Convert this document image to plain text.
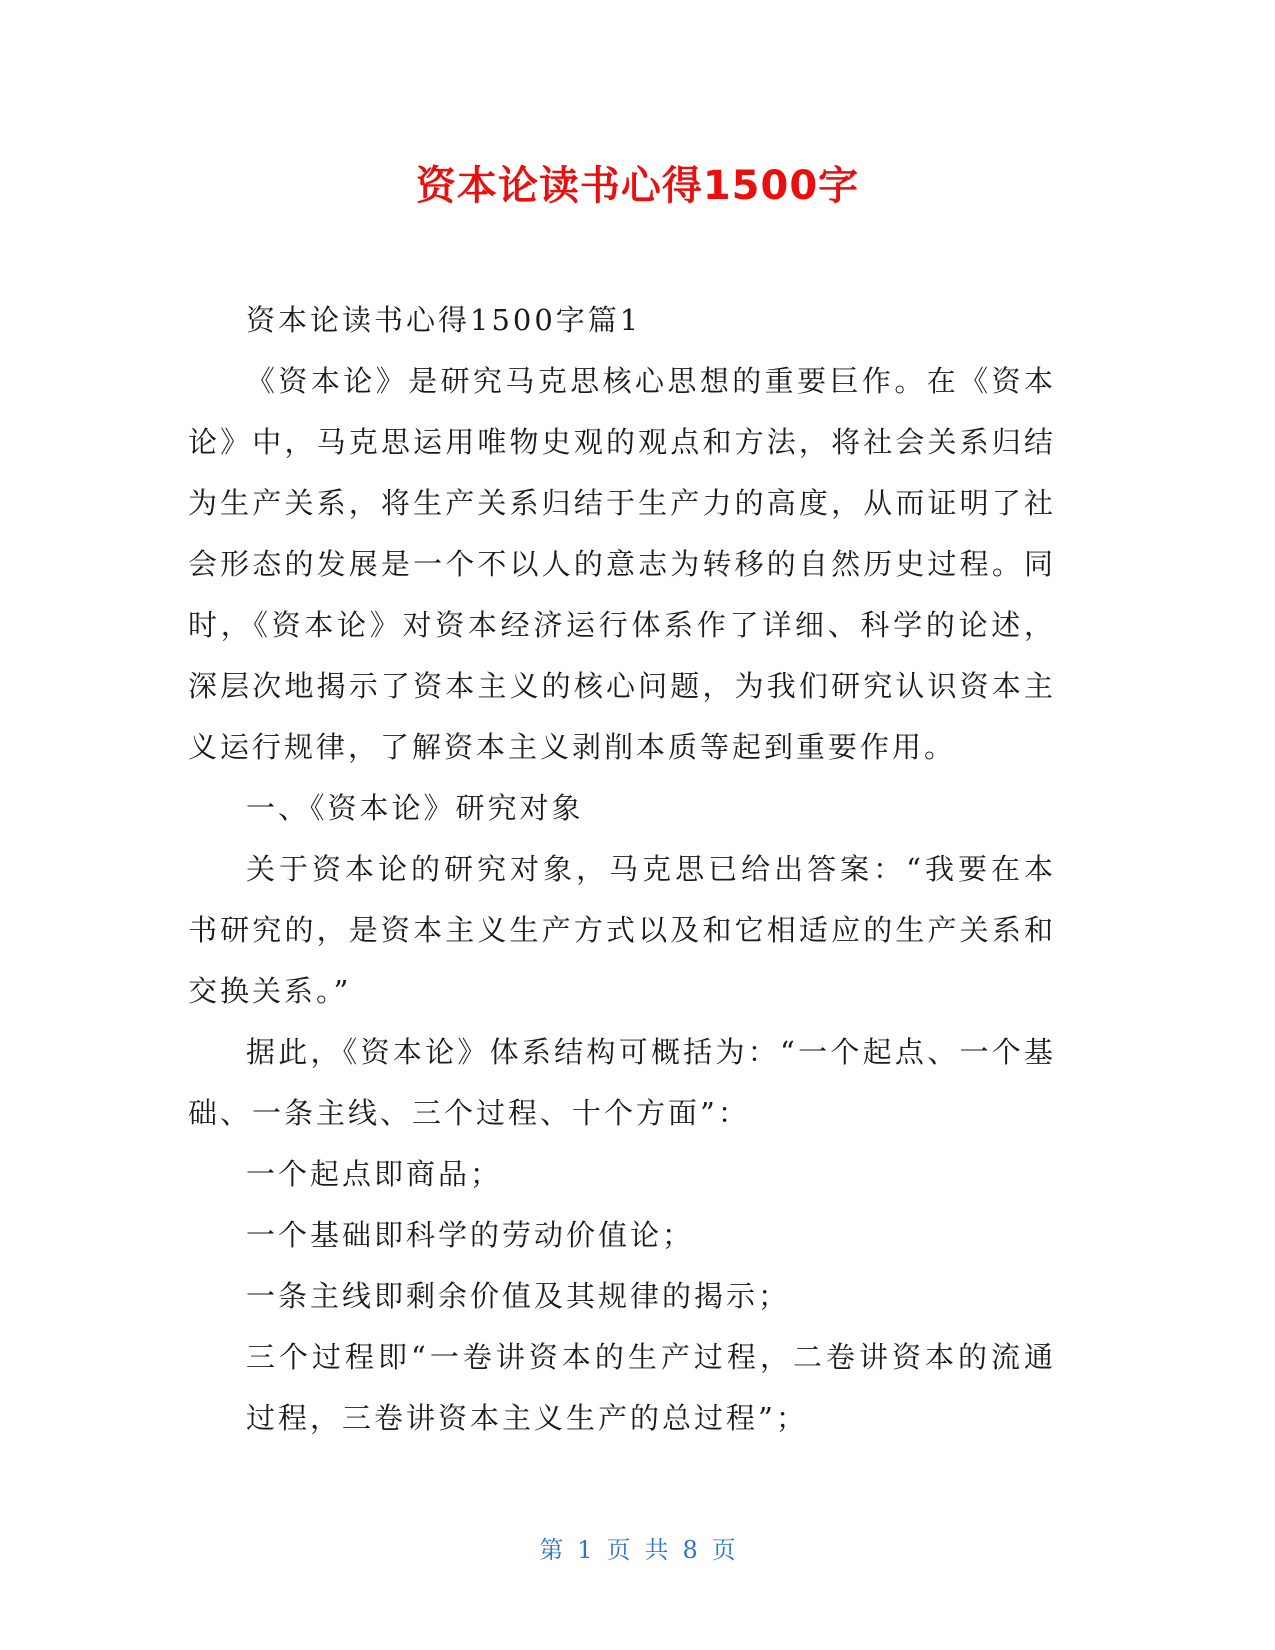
资本论读书心得1500字

资本论读书心得1500字篇1

《资本论》是研究马克思核心思想的重要巨作。在《资本论》中，马克思运用唯物史观的观点和方法，将社会关系归结为生产关系，将生产关系归结于生产力的高度，从而证明了社会形态的发展是一个不以人的意志为转移的自然历史过程。同时，《资本论》对资本经济运行体系作了详细、科学的论述，深层次地揭示了资本主义的核心问题，为我们研究认识资本主义运行规律，了解资本主义剥削本质等起到重要作用。

一、《资本论》研究对象

关于资本论的研究对象，马克思已给出答案：“我要在本书研究的，是资本主义生产方式以及和它相适应的生产关系和交换关系。”

据此，《资本论》体系结构可概括为：“一个起点、一个基础、一条主线、三个过程、十个方面”：

一个起点即商品；

一个基础即科学的劳动价值论；

一条主线即剩余价值及其规律的揭示；

三个过程即“一卷讲资本的生产过程，二卷讲资本的流通过程，三卷讲资本主义生产的总过程”；

第 1 页 共 8 页
